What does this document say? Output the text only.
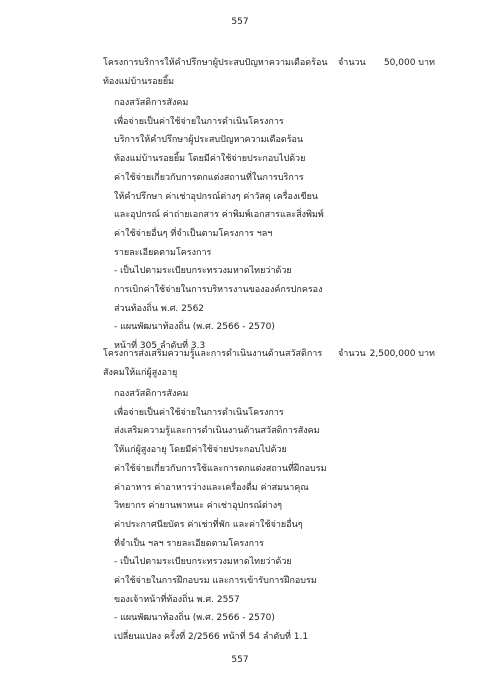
557
โครงการบริการให้คำปรึกษาผู้ประสบปัญหาความเดือดร้อน ท้องแม่บ้านรอยยิ้ม
จำนวน 50,000 บาท
กองสวัสดิการสังคม
เพื่อจ่ายเป็นค่าใช้จ่ายในการดำเนินโครงการ
บริการให้คำปรึกษาผู้ประสบปัญหาความเดือดร้อน
ท้องแม่บ้านรอยยิ้ม โดยมีค่าใช้จ่ายประกอบไปด้วย
ค่าใช้จ่ายเกี่ยวกับการตกแต่งสถานที่ในการบริการ
ให้คำปรึกษา ค่าเช่าอุปกรณ์ต่างๆ ค่าวัสดุ เครื่องเขียน
และอุปกรณ์ ค่าถ่ายเอกสาร ค่าพิมพ์เอกสารและสิ่งพิมพ์
ค่าใช้จ่ายอื่นๆ ที่จำเป็นตามโครงการ ฯลฯ
รายละเอียดตามโครงการ
- เป็นไปตามระเบียบกระทรวงมหาดไทยว่าด้วย
การเบิกค่าใช้จ่ายในการบริหารงานขององค์กรปกครอง
ส่วนท้องถิ่น พ.ศ. 2562
- แผนพัฒนาท้องถิ่น (พ.ศ. 2566 - 2570)
หน้าที่ 305 ลำดับที่ 3.3
โครงการส่งเสริมความรู้และการดำเนินงานด้านสวัสดิการสังคมให้แก่ผู้สูงอายุ
จำนวน 2,500,000 บาท
กองสวัสดิการสังคม
เพื่อจ่ายเป็นค่าใช้จ่ายในการดำเนินโครงการ
ส่งเสริมความรู้และการดำเนินงานด้านสวัสดิการสังคม
ให้แก่ผู้สูงอายุ โดยมีค่าใช้จ่ายประกอบไปด้วย
ค่าใช้จ่ายเกี่ยวกับการใช้และการตกแต่งสถานที่ฝึกอบรม
ค่าอาหาร ค่าอาหารว่างและเครื่องดื่ม ค่าสมนาคุณ
วิทยากร ค่ายานพาหนะ ค่าเช่าอุปกรณ์ต่างๆ
ค่าประกาศนียบัตร ค่าเช่าที่พัก และค่าใช้จ่ายอื่นๆ
ที่จำเป็น ฯลฯ รายละเอียดตามโครงการ
- เป็นไปตามระเบียบกระทรวงมหาดไทยว่าด้วย
ค่าใช้จ่ายในการฝึกอบรม และการเข้ารับการฝึกอบรม
ของเจ้าหน้าที่ท้องถิ่น พ.ศ. 2557
- แผนพัฒนาท้องถิ่น (พ.ศ. 2566 - 2570)
เปลี่ยนแปลง ครั้งที่ 2/2566 หน้าที่ 54 ลำดับที่ 1.1
557
